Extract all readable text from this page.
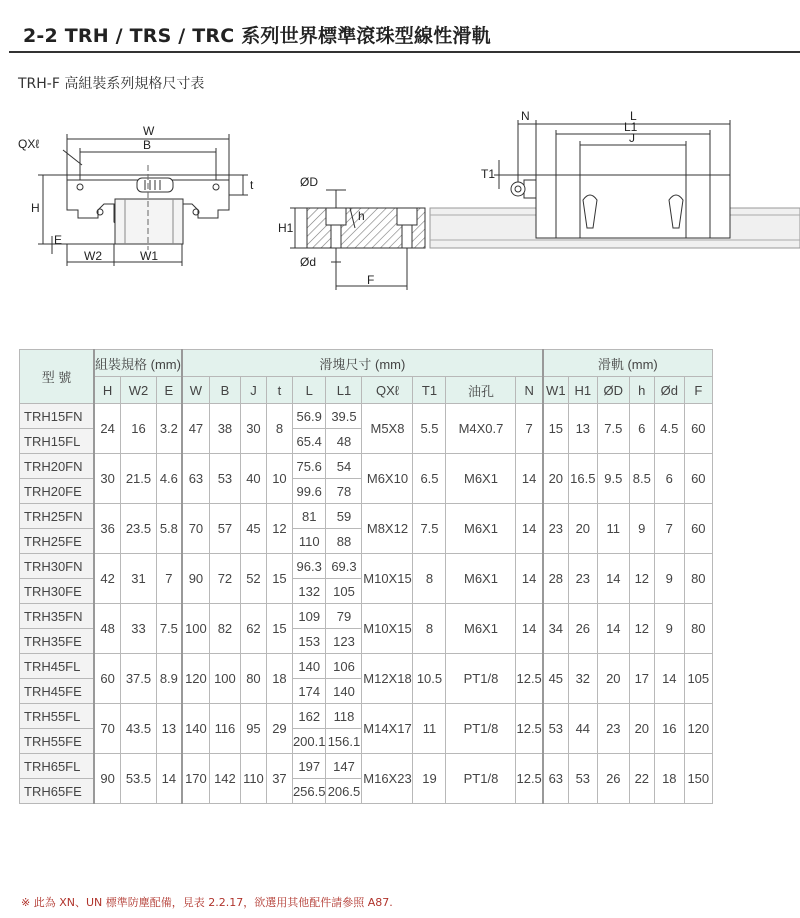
2-2 TRH / TRS / TRC 系列世界標準滾珠型線性滑軌
TRH-F 高組裝系列規格尺寸表
QXℓ
W
B
H
t
E
W2	W1
ØD
H1
h
Ød
F
N	L
L1
J
T1
型 號	組裝規格 (mm)			滑塊尺寸 (mm)										滑軌 (mm)					
	H	W2	E	W	B	J	t	L	L1	QXℓ	T1	油孔	N	W1	H1	ØD	h	Ød	F
TRH15FN	24	16	3.2	47	38	30	8	56.9	39.5	M5X8	5.5	M4X0.7	7	15	13	7.5	6	4.5	60
TRH15FL								65.4	48										
TRH20FN	30	21.5	4.6	63	53	40	10	75.6	54	M6X10	6.5	M6X1	14	20	16.5	9.5	8.5	6	60
TRH20FE								99.6	78										
TRH25FN	36	23.5	5.8	70	57	45	12	81	59	M8X12	7.5	M6X1	14	23	20	11	9	7	60
TRH25FE								110	88										
TRH30FN	42	31	7	90	72	52	15	96.3	69.3	M10X15	8	M6X1	14	28	23	14	12	9	80
TRH30FE								132	105										
TRH35FN	48	33	7.5	100	82	62	15	109	79	M10X15	8	M6X1	14	34	26	14	12	9	80
TRH35FE								153	123										
TRH45FL	60	37.5	8.9	120	100	80	18	140	106	M12X18	10.5	PT1/8	12.5	45	32	20	17	14	105
TRH45FE								174	140										
TRH55FL	70	43.5	13	140	116	95	29	162	118	M14X17	11	PT1/8	12.5	53	44	23	20	16	120
TRH55FE								200.1	156.1										
TRH65FL	90	53.5	14	170	142	110	37	197	147	M16X23	19	PT1/8	12.5	63	53	26	22	18	150
TRH65FE								256.5	206.5										
※ 此為 XN、UN 標準防塵配備，見表 2.2.17，欲選用其他配件請參照 A87.
